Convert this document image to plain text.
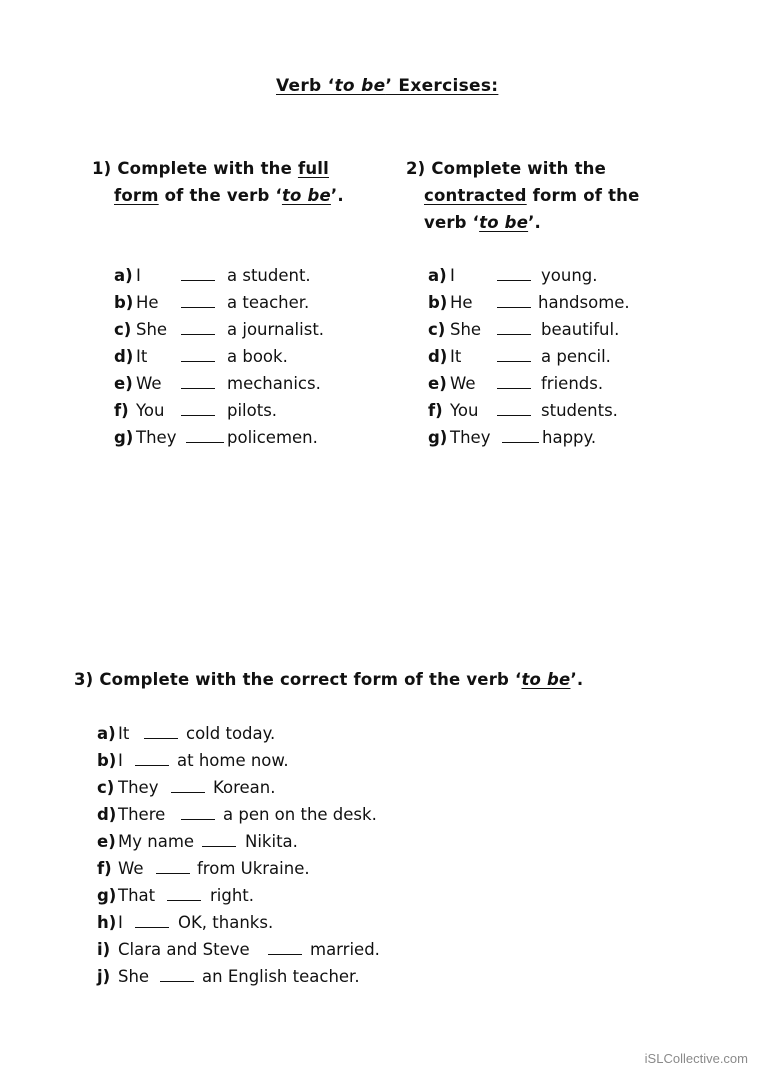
Verb ‘to be’ Exercises:
1) Complete with the full
form of the verb ‘to be’.
2) Complete with the
contracted form of the
verb ‘to be’.
a) I	a student.
b) He	a teacher.
c) She	a journalist.
d) It	a book.
e) We	mechanics.
f) You	pilots.
g) They	policemen.
a) I	young.
b) He	handsome.
c) She	beautiful.
d) It	a pencil.
e) We	friends.
f) You	students.
g) They	happy.
3) Complete with the correct form of the verb ‘to be’.
a) It	cold today.
b) I	at home now.
c) They	Korean.
d) There	a pen on the desk.
e) My name	Nikita.
f) We	from Ukraine.
g) That	right.
h) I	OK, thanks.
i) Clara and Steve	married.
j) She	an English teacher.
iSLCollective.com
